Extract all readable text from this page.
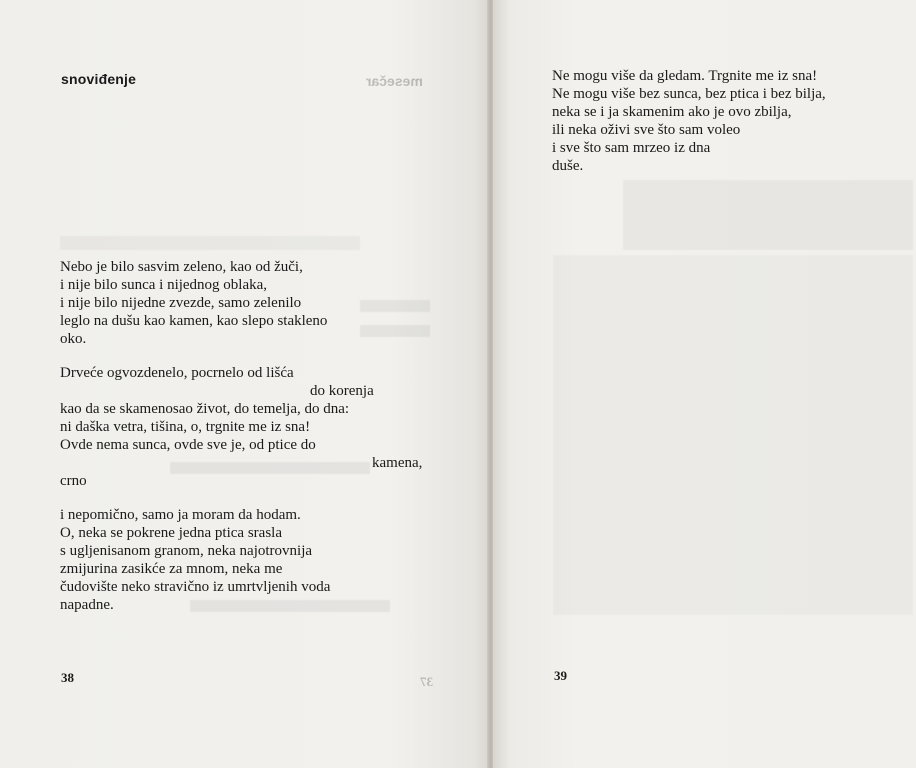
mesečar
37
snoviđenje
Nebo je bilo sasvim zeleno, kao od žuči,
i nije bilo sunca i nijednog oblaka,
i nije bilo nijedne zvezde, samo zelenilo
leglo na dušu kao kamen, kao slepo stakleno
oko.
Drveće ogvozdenelo, pocrnelo od lišća
do korenja
kao da se skamenosao život, do temelja, do dna:
ni daška vetra, tišina, o, trgnite me iz sna!
Ovde nema sunca, ovde sve je, od ptice do
kamena,
crno
i nepomično, samo ja moram da hodam.
O, neka se pokrene jedna ptica srasla
s ugljenisanom granom, neka najotrovnija
zmijurina zasikće za mnom, neka me
čudovište neko stravično iz umrtvljenih voda
napadne.
38
Ne mogu više da gledam. Trgnite me iz sna!
Ne mogu više bez sunca, bez ptica i bez bilja,
neka se i ja skamenim ako je ovo zbilja,
ili neka oživi sve što sam voleo
i sve što sam mrzeo iz dna
duše.
39
